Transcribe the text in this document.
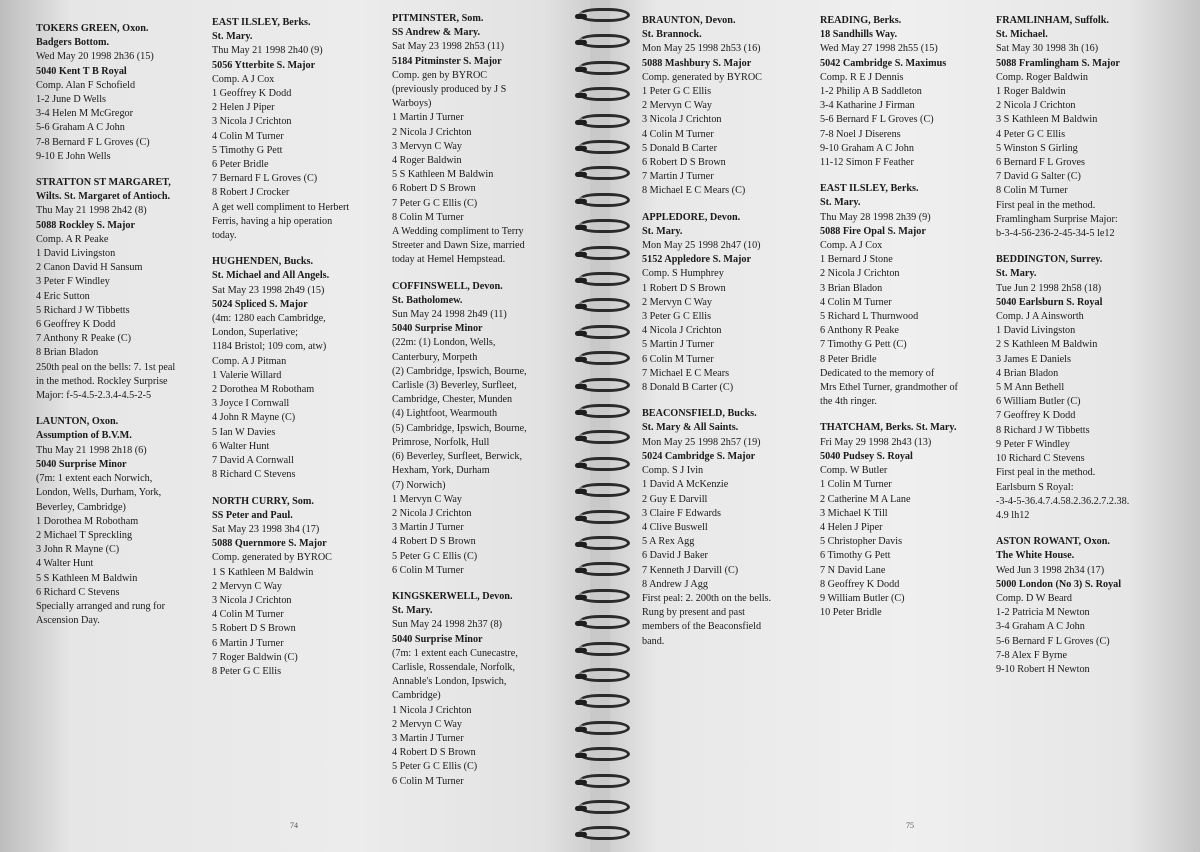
TOKERS GREEN, Oxon.
Badgers Bottom.
Wed May 20 1998 2h36 (15)
5040 Kent T B Royal
Comp. Alan F Schofield
1-2 June D Wells
3-4 Helen M McGregor
5-6 Graham A C John
7-8 Bernard F L Groves (C)
9-10 E John Wells
STRATTON ST MARGARET,
Wilts. St. Margaret of Antioch.
Thu May 21 1998 2h42 (8)
5088 Rockley S. Major
Comp. A R Peake
1 David Livingston
2 Canon David H Sansum
3 Peter F Windley
4 Eric Sutton
5 Richard J W Tibbetts
6 Geoffrey K Dodd
7 Anthony R Peake (C)
8 Brian Bladon
250th peal on the bells: 7. 1st peal
in the method. Rockley Surprise
Major: f-5-4.5-2.3.4-4.5-2-5
LAUNTON, Oxon.
Assumption of B.V.M.
Thu May 21 1998 2h18 (6)
5040 Surprise Minor
(7m: 1 extent each Norwich,
London, Wells, Durham, York,
Beverley, Cambridge)
1 Dorothea M Robotham
2 Michael T Spreckling
3 John R Mayne (C)
4 Walter Hunt
5 S Kathleen M Baldwin
6 Richard C Stevens
Specially arranged and rung for
Ascension Day.
EAST ILSLEY, Berks.
St. Mary.
Thu May 21 1998 2h40 (9)
5056 Ytterbite S. Major
Comp. A J Cox
1 Geoffrey K Dodd
2 Helen J Piper
3 Nicola J Crichton
4 Colin M Turner
5 Timothy G Pett
6 Peter Bridle
7 Bernard F L Groves (C)
8 Robert J Crocker
A get well compliment to Herbert
Ferris, having a hip operation
today.
HUGHENDEN, Bucks.
St. Michael and All Angels.
Sat May 23 1998 2h49 (15)
5024 Spliced S. Major
(4m: 1280 each Cambridge,
London, Superlative;
1184 Bristol; 109 com, atw)
Comp. A J Pitman
1 Valerie Willard
2 Dorothea M Robotham
3 Joyce I Cornwall
4 John R Mayne (C)
5 Ian W Davies
6 Walter Hunt
7 David A Cornwall
8 Richard C Stevens
NORTH CURRY, Som.
SS Peter and Paul.
Sat May 23 1998 3h4 (17)
5088 Quernmore S. Major
Comp. generated by BYROC
1 S Kathleen M Baldwin
2 Mervyn C Way
3 Nicola J Crichton
4 Colin M Turner
5 Robert D S Brown
6 Martin J Turner
7 Roger Baldwin (C)
8 Peter G C Ellis
PITMINSTER, Som.
SS Andrew & Mary.
Sat May 23 1998 2h53 (11)
5184 Pitminster S. Major
Comp. gen by BYROC
(previously produced by J S
Warboys)
1 Martin J Turner
2 Nicola J Crichton
3 Mervyn C Way
4 Roger Baldwin
5 S Kathleen M Baldwin
6 Robert D S Brown
7 Peter G C Ellis (C)
8 Colin M Turner
A Wedding compliment to Terry
Streeter and Dawn Size, married
today at Hemel Hempstead.
COFFINSWELL, Devon.
St. Batholomew.
Sun May 24 1998 2h49 (11)
5040 Surprise Minor
(22m: (1) London, Wells,
Canterbury, Morpeth
(2) Cambridge, Ipswich, Bourne,
Carlisle (3) Beverley, Surfleet,
Cambridge, Chester, Munden
(4) Lightfoot, Wearmouth
(5) Cambridge, Ipswich, Bourne,
Primrose, Norfolk, Hull
(6) Beverley, Surfleet, Berwick,
Hexham, York, Durham
(7) Norwich)
1 Mervyn C Way
2 Nicola J Crichton
3 Martin J Turner
4 Robert D S Brown
5 Peter G C Ellis (C)
6 Colin M Turner
KINGSKERWELL, Devon.
St. Mary.
Sun May 24 1998 2h37 (8)
5040 Surprise Minor
(7m: 1 extent each Cunecastre,
Carlisle, Rossendale, Norfolk,
Annable's London, Ipswich,
Cambridge)
1 Nicola J Crichton
2 Mervyn C Way
3 Martin J Turner
4 Robert D S Brown
5 Peter G C Ellis (C)
6 Colin M Turner
74
BRAUNTON, Devon.
St. Brannock.
Mon May 25 1998 2h53 (16)
5088 Mashbury S. Major
Comp. generated by BYROC
1 Peter G C Ellis
2 Mervyn C Way
3 Nicola J Crichton
4 Colin M Turner
5 Donald B Carter
6 Robert D S Brown
7 Martin J Turner
8 Michael E C Mears (C)
APPLEDORE, Devon.
St. Mary.
Mon May 25 1998 2h47 (10)
5152 Appledore S. Major
Comp. S Humphrey
1 Robert D S Brown
2 Mervyn C Way
3 Peter G C Ellis
4 Nicola J Crichton
5 Martin J Turner
6 Colin M Turner
7 Michael E C Mears
8 Donald B Carter (C)
BEACONSFIELD, Bucks.
St. Mary & All Saints.
Mon May 25 1998 2h57 (19)
5024 Cambridge S. Major
Comp. S J Ivin
1 David A McKenzie
2 Guy E Darvill
3 Claire F Edwards
4 Clive Buswell
5 A Rex Agg
6 David J Baker
7 Kenneth J Darvill (C)
8 Andrew J Agg
First peal: 2. 200th on the bells.
Rung by present and past
members of the Beaconsfield
band.
READING, Berks.
18 Sandhills Way.
Wed May 27 1998 2h55 (15)
5042 Cambridge S. Maximus
Comp. R E J Dennis
1-2 Philip A B Saddleton
3-4 Katharine J Firman
5-6 Bernard F L Groves (C)
7-8 Noel J Diserens
9-10 Graham A C John
11-12 Simon F Feather
EAST ILSLEY, Berks.
St. Mary.
Thu May 28 1998 2h39 (9)
5088 Fire Opal S. Major
Comp. A J Cox
1 Bernard J Stone
2 Nicola J Crichton
3 Brian Bladon
4 Colin M Turner
5 Richard L Thurnwood
6 Anthony R Peake
7 Timothy G Pett (C)
8 Peter Bridle
Dedicated to the memory of
Mrs Ethel Turner, grandmother of
the 4th ringer.
THATCHAM, Berks. St. Mary.
Fri May 29 1998 2h43 (13)
5040 Pudsey S. Royal
Comp. W Butler
1 Colin M Turner
2 Catherine M A Lane
3 Michael K Till
4 Helen J Piper
5 Christopher Davis
6 Timothy G Pett
7 N David Lane
8 Geoffrey K Dodd
9 William Butler (C)
10 Peter Bridle
FRAMLINHAM, Suffolk.
St. Michael.
Sat May 30 1998 3h (16)
5088 Framlingham S. Major
Comp. Roger Baldwin
1 Roger Baldwin
2 Nicola J Crichton
3 S Kathleen M Baldwin
4 Peter G C Ellis
5 Winston S Girling
6 Bernard F L Groves
7 David G Salter (C)
8 Colin M Turner
First peal in the method.
Framlingham Surprise Major:
b-3-4-56-236-2-45-34-5 le12
BEDDINGTON, Surrey.
St. Mary.
Tue Jun 2 1998 2h58 (18)
5040 Earlsburn S. Royal
Comp. J A Ainsworth
1 David Livingston
2 S Kathleen M Baldwin
3 James E Daniels
4 Brian Bladon
5 M Ann Bethell
6 William Butler (C)
7 Geoffrey K Dodd
8 Richard J W Tibbetts
9 Peter F Windley
10 Richard C Stevens
First peal in the method.
Earlsburn S Royal:
-3-4-5-36.4.7.4.58.2.36.2.7.2.38.
4.9 lh12
ASTON ROWANT, Oxon.
The White House.
Wed Jun 3 1998 2h34 (17)
5000 London (No 3) S. Royal
Comp. D W Beard
1-2 Patricia M Newton
3-4 Graham A C John
5-6 Bernard F L Groves (C)
7-8 Alex F Byrne
9-10 Robert H Newton
75
